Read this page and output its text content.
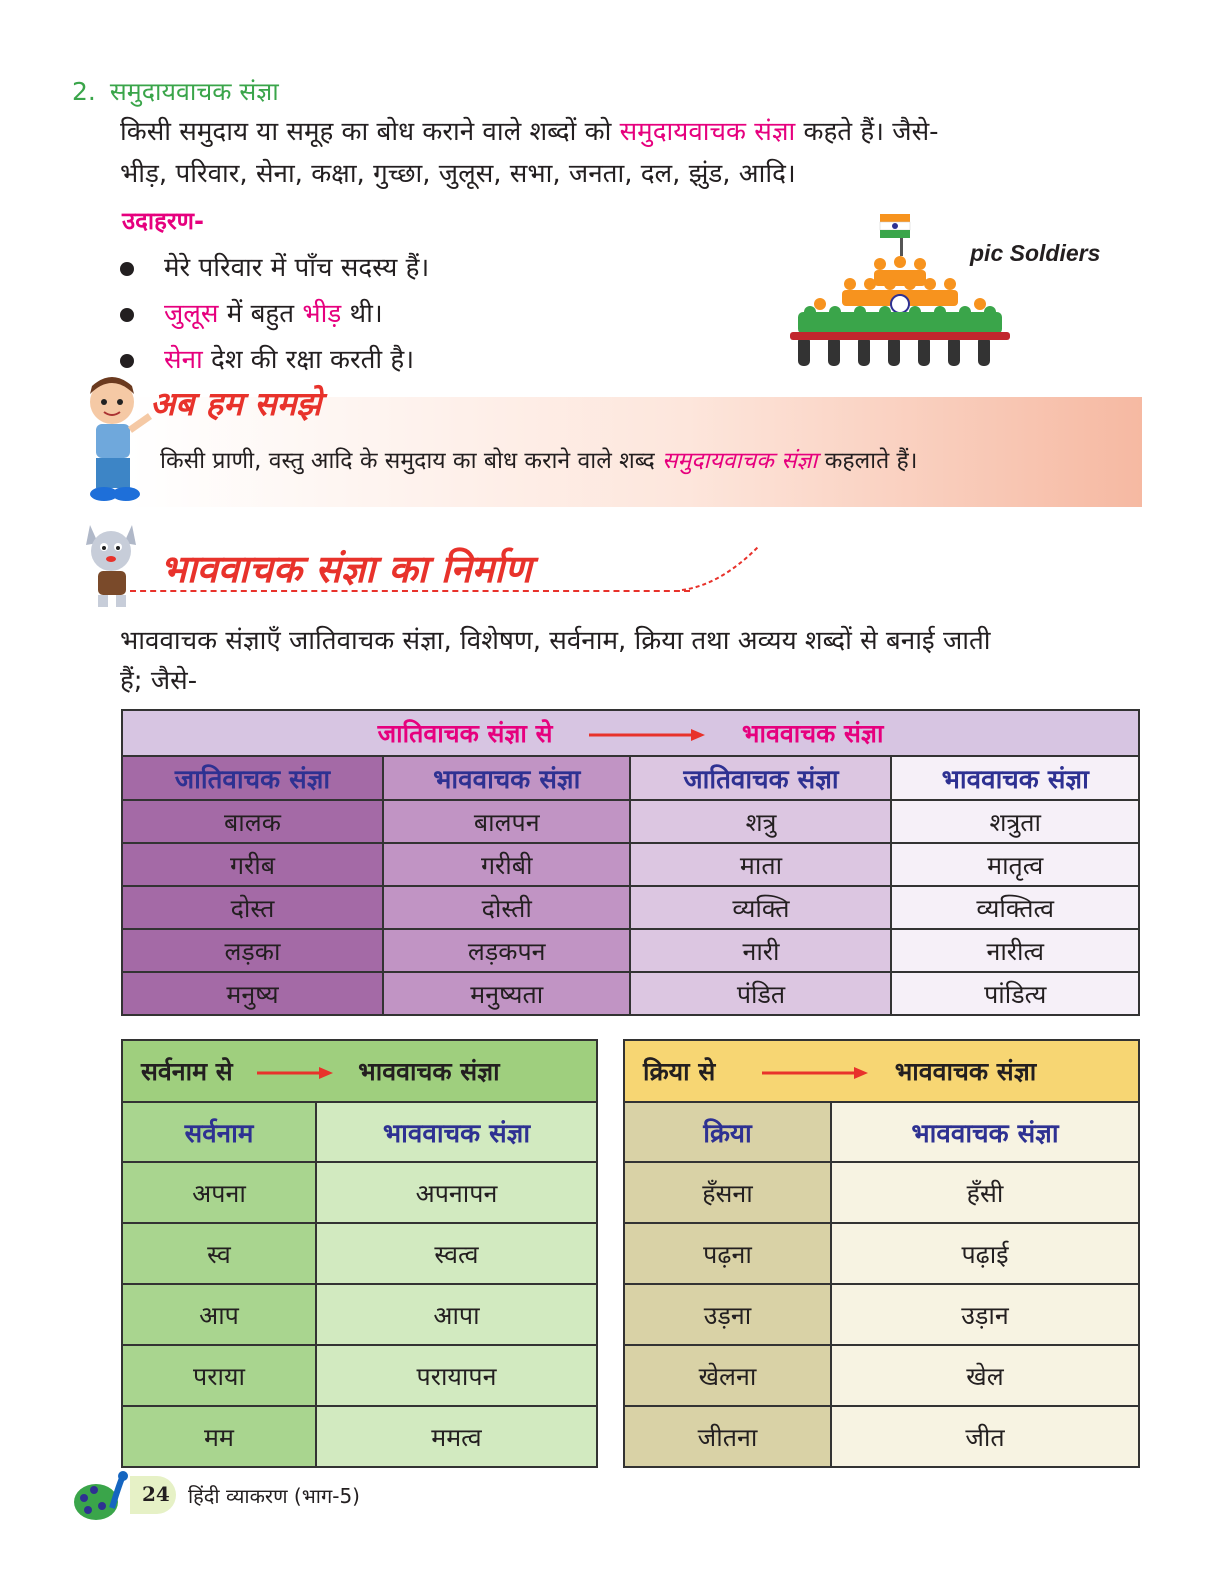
2. समुदायवाचक संज्ञा
किसी समुदाय या समूह का बोध कराने वाले शब्दों को समुदायवाचक संज्ञा कहते हैं। जैसे-
भीड़, परिवार, सेना, कक्षा, गुच्छा, जुलूस, सभा, जनता, दल, झुंड, आदि।
उदाहरण-
मेरे परिवार में पाँच सदस्य हैं।
जुलूस में बहुत भीड़ थी।
सेना देश की रक्षा करती है।
pic Soldiers
अब हम समझे
किसी प्राणी, वस्तु आदि के समुदाय का बोध कराने वाले शब्द समुदायवाचक संज्ञा कहलाते हैं।
भाववाचक संज्ञा का निर्माण
भाववाचक संज्ञाएँ जातिवाचक संज्ञा, विशेषण, सर्वनाम, क्रिया तथा अव्यय शब्दों से बनाई जाती
हैं; जैसे-
जातिवाचक संज्ञा से भाववाचक संज्ञा			
जातिवाचक संज्ञा	भाववाचक संज्ञा	जातिवाचक संज्ञा	भाववाचक संज्ञा
बालक	बालपन	शत्रु	शत्रुता
गरीब	गरीबी	माता	मातृत्व
दोस्त	दोस्ती	व्यक्ति	व्यक्तित्व
लड़का	लड़कपन	नारी	नारीत्व
मनुष्य	मनुष्यता	पंडित	पांडित्य
सर्वनाम से भाववाचक संज्ञा	
सर्वनाम	भाववाचक संज्ञा
अपना	अपनापन
स्व	स्वत्व
आप	आपा
पराया	परायापन
मम	ममत्व
क्रिया से भाववाचक संज्ञा	
क्रिया	भाववाचक संज्ञा
हँसना	हँसी
पढ़ना	पढ़ाई
उड़ना	उड़ान
खेलना	खेल
जीतना	जीत
24 हिंदी व्याकरण (भाग-5)
